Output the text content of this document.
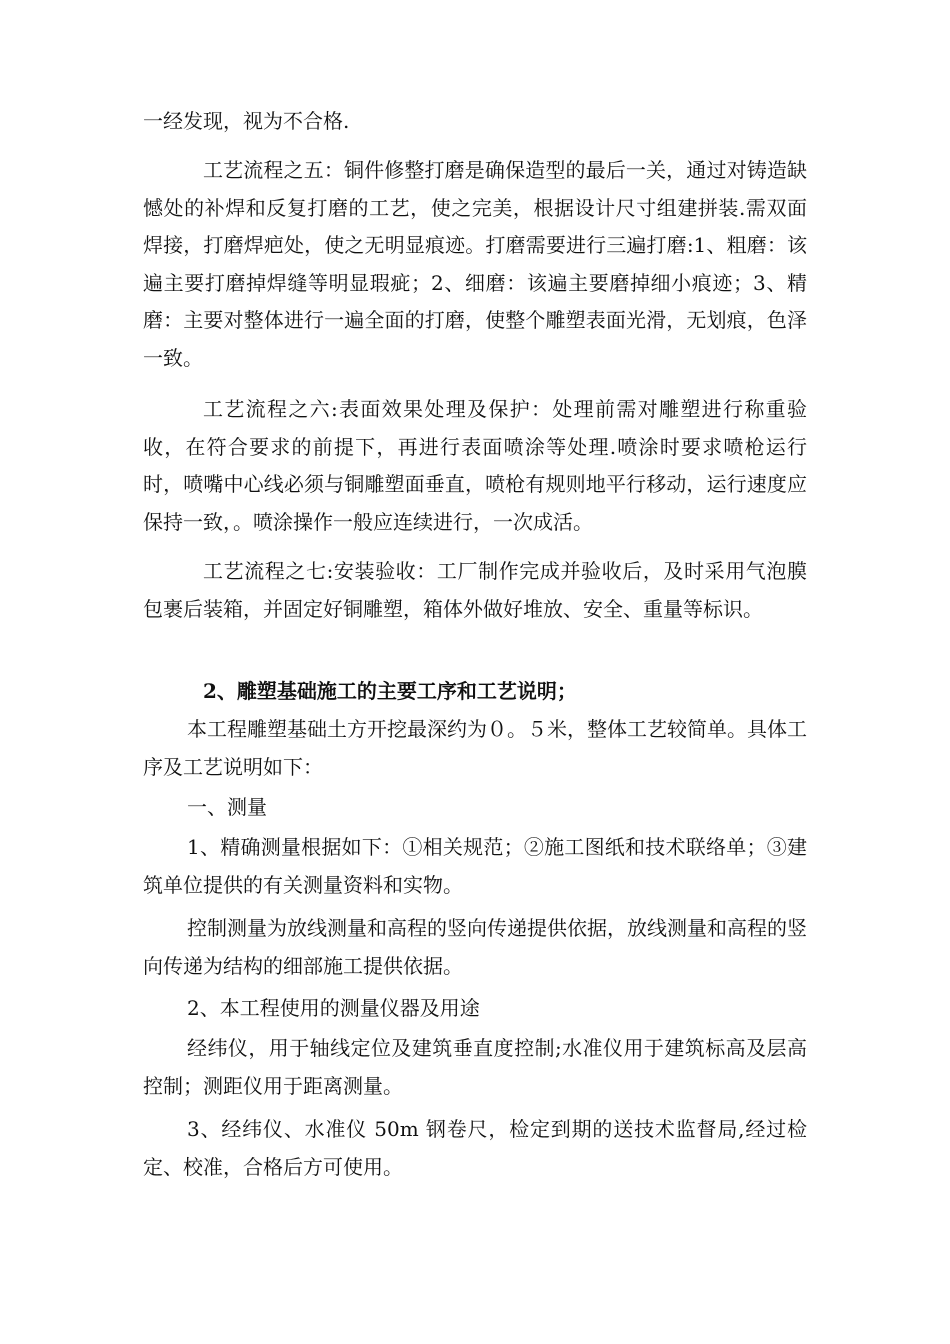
一经发现，视为不合格.

工艺流程之五：铜件修整打磨是确保造型的最后一关，通过对铸造缺憾处的补焊和反复打磨的工艺，使之完美，根据设计尺寸组建拼装.需双面焊接，打磨焊疤处，使之无明显痕迹。打磨需要进行三遍打磨:1、粗磨：该遍主要打磨掉焊缝等明显瑕疵；2、细磨：该遍主要磨掉细小痕迹；3、精磨：主要对整体进行一遍全面的打磨，使整个雕塑表面光滑，无划痕，色泽一致。

工艺流程之六:表面效果处理及保护：处理前需对雕塑进行称重验收，在符合要求的前提下，再进行表面喷涂等处理.喷涂时要求喷枪运行时，喷嘴中心线必须与铜雕塑面垂直，喷枪有规则地平行移动，运行速度应保持一致，。喷涂操作一般应连续进行，一次成活。

工艺流程之七:安装验收：工厂制作完成并验收后，及时采用气泡膜包裹后装箱，并固定好铜雕塑，箱体外做好堆放、安全、重量等标识。

2、雕塑基础施工的主要工序和工艺说明；

本工程雕塑基础土方开挖最深约为０。５米，整体工艺较简单。具体工序及工艺说明如下：

一、测量

1、精确测量根据如下：①相关规范；②施工图纸和技术联络单；③建筑单位提供的有关测量资料和实物。

控制测量为放线测量和高程的竖向传递提供依据，放线测量和高程的竖向传递为结构的细部施工提供依据。

2、本工程使用的测量仪器及用途

经纬仪，用于轴线定位及建筑垂直度控制;水准仪用于建筑标高及层高控制；测距仪用于距离测量。

3、经纬仪、水准仪 50m 钢卷尺，检定到期的送技术监督局,经过检定、校准，合格后方可使用。
